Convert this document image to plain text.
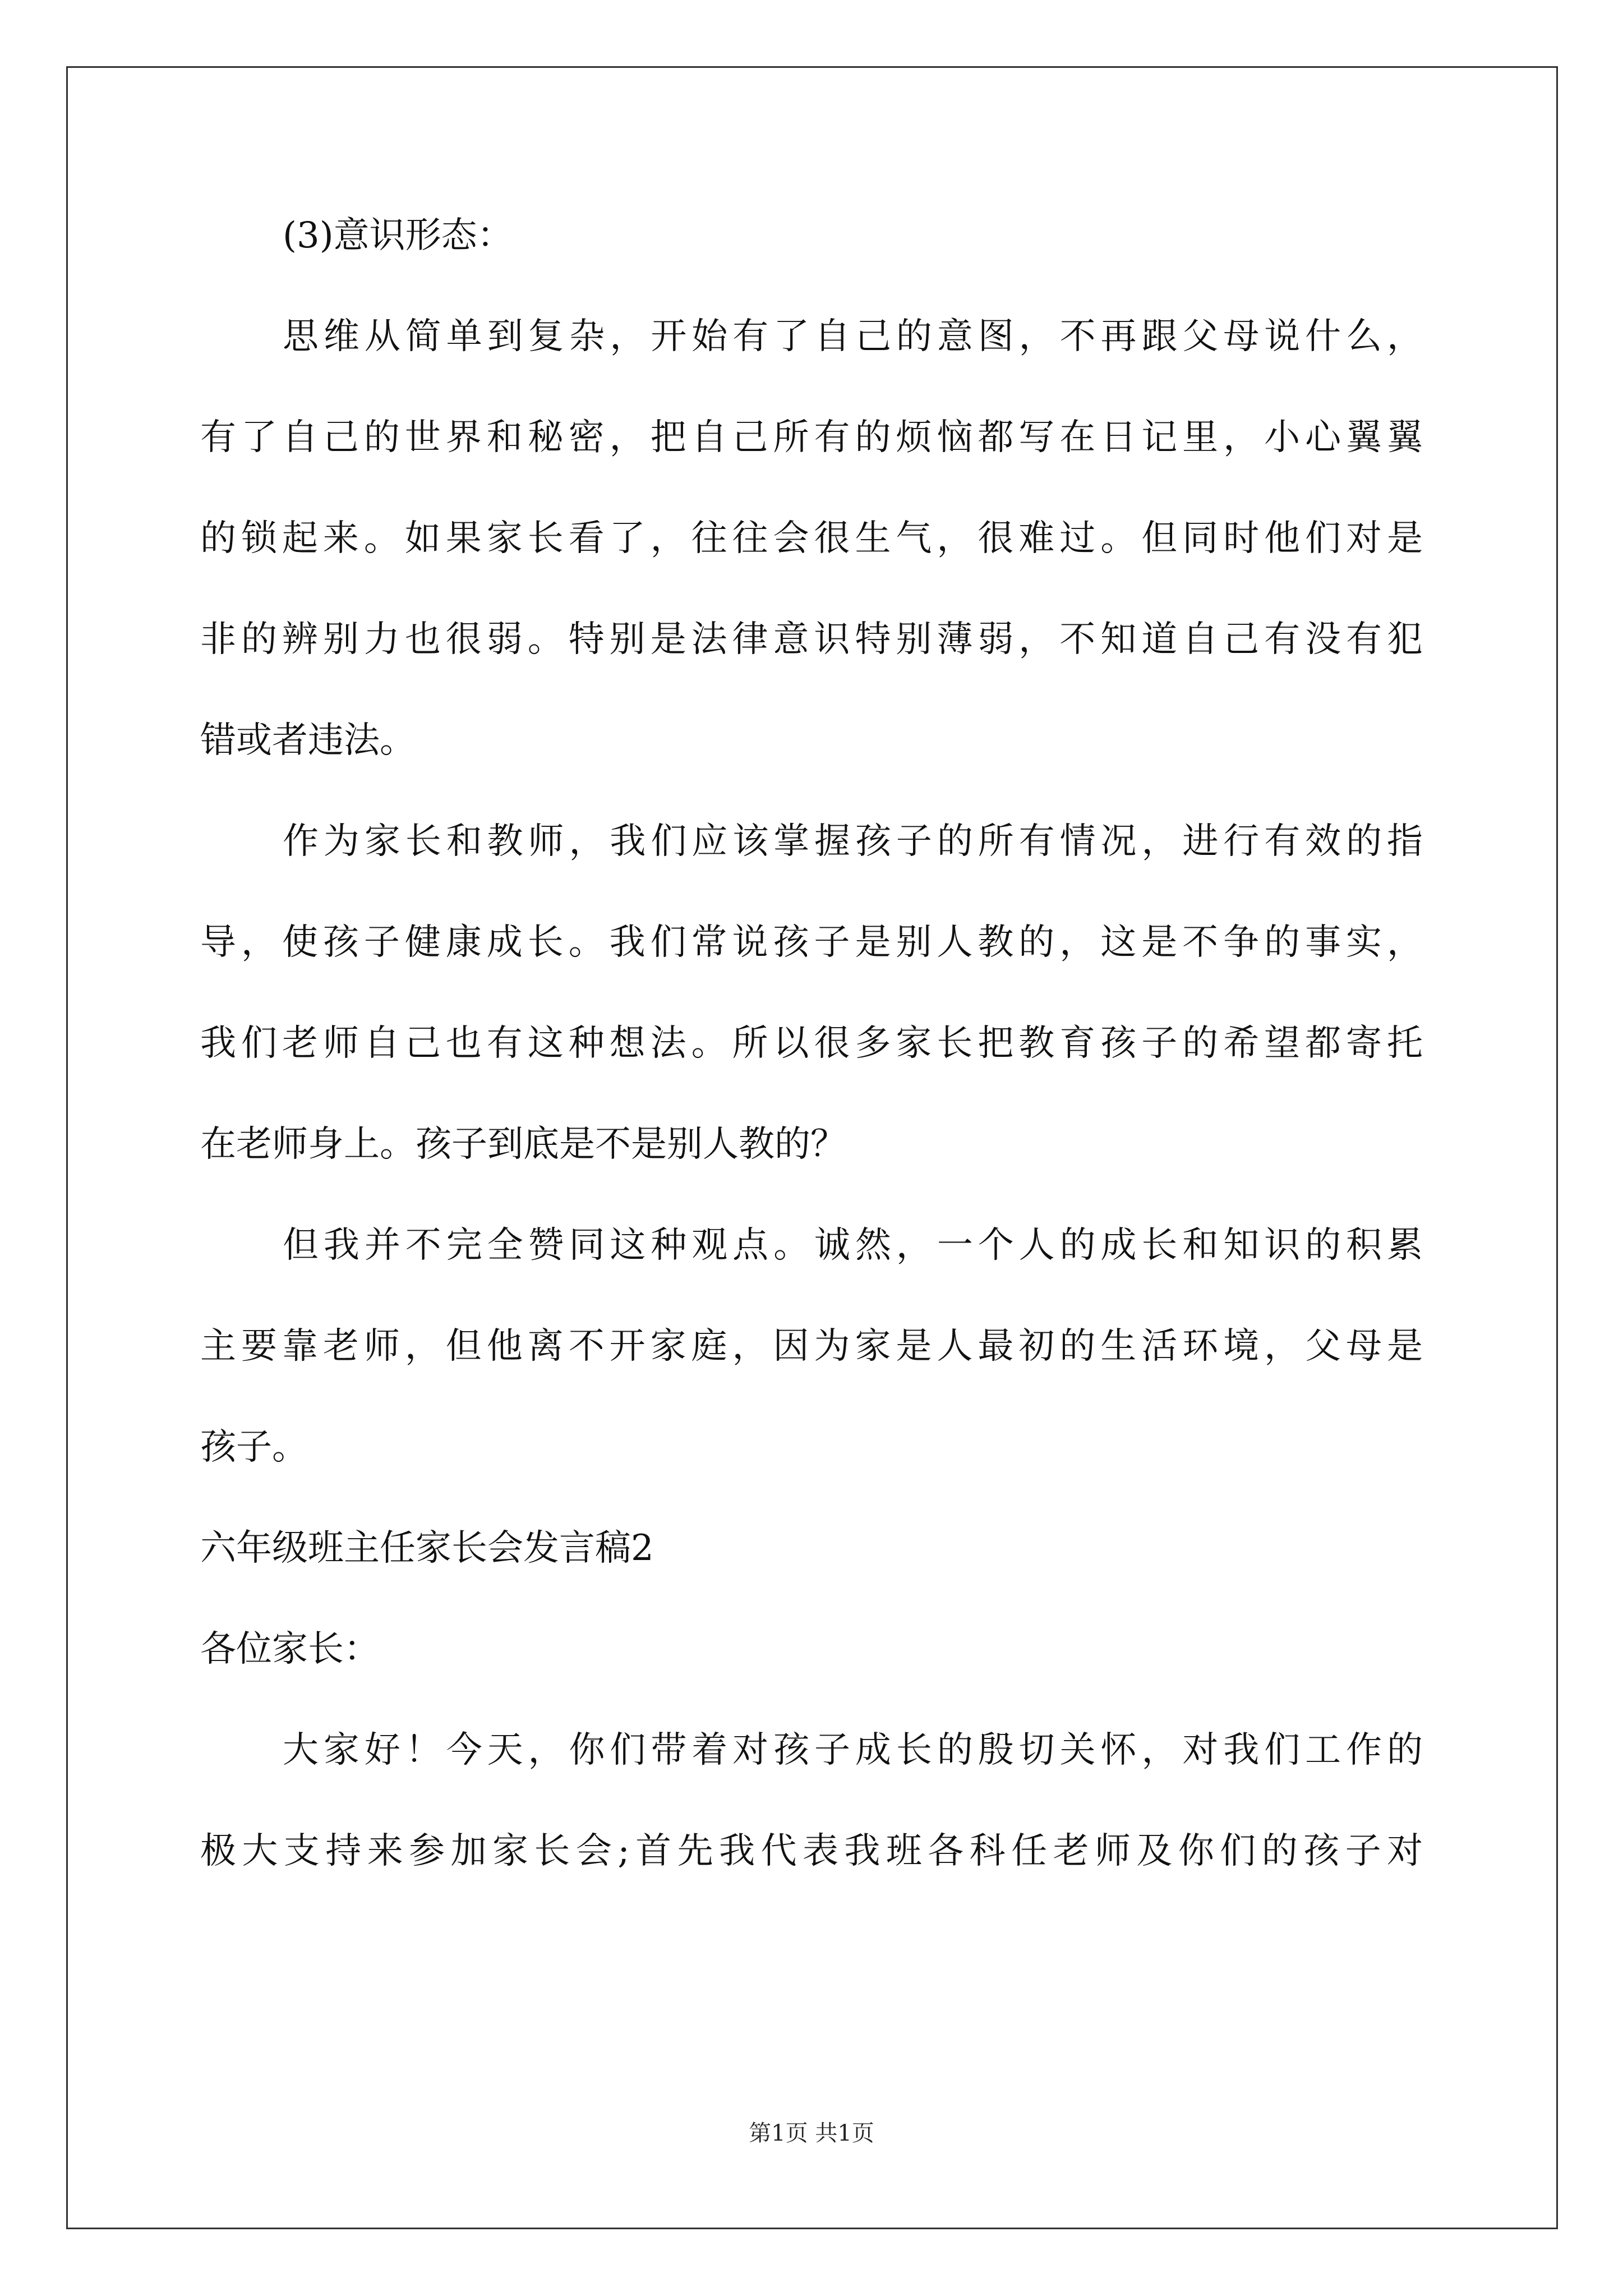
(3)意识形态：
思维从简单到复杂，开始有了自己的意图，不再跟父母说什么，
有了自己的世界和秘密，把自己所有的烦恼都写在日记里，小心翼翼
的锁起来。如果家长看了，往往会很生气，很难过。但同时他们对是
非的辨别力也很弱。特别是法律意识特别薄弱，不知道自己有没有犯
错或者违法。
作为家长和教师，我们应该掌握孩子的所有情况，进行有效的指
导，使孩子健康成长。我们常说孩子是别人教的，这是不争的事实，
我们老师自己也有这种想法。所以很多家长把教育孩子的希望都寄托
在老师身上。孩子到底是不是别人教的？
但我并不完全赞同这种观点。诚然，一个人的成长和知识的积累
主要靠老师，但他离不开家庭，因为家是人最初的生活环境，父母是
孩子。
六年级班主任家长会发言稿2
各位家长：
大家好！今天，你们带着对孩子成长的殷切关怀，对我们工作的
极大支持来参加家长会;首先我代表我班各科任老师及你们的孩子对
第1页 共1页
